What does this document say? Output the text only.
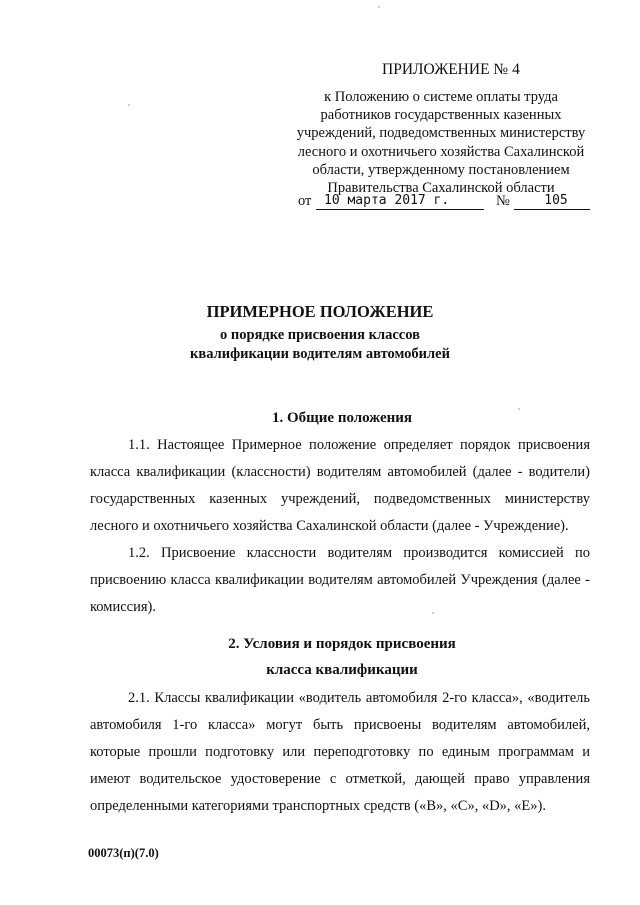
ПРИЛОЖЕНИЕ № 4
к Положению о системе оплаты труда
работников государственных казенных
учреждений, подведомственных министерству
лесного и охотничьего хозяйства Сахалинской
области, утвержденному постановлением
Правительства Сахалинской области
от 10 марта 2017 г.	№	105
ПРИМЕРНОЕ ПОЛОЖЕНИЕ
о порядке присвоения классов
квалификации водителям автомобилей
1. Общие положения
1.1. Настоящее Примерное положение определяет порядок присвоения класса квалификации (классности) водителям автомобилей (далее - водители) государственных казенных учреждений, подведомственных министерству лесного и охотничьего хозяйства Сахалинской области (далее - Учреждение).
1.2. Присвоение классности водителям производится комиссией по присвоению класса квалификации водителям автомобилей Учреждения (далее - комиссия).
2. Условия и порядок присвоения
класса квалификации
2.1. Классы квалификации «водитель автомобиля 2-го класса», «водитель автомобиля 1-го класса» могут быть присвоены водителям автомобилей, которые прошли подготовку или переподготовку по единым программам и имеют водительское удостоверение с отметкой, дающей право управления определенными категориями транспортных средств («B», «C», «D», «E»).
00073(п)(7.0)
